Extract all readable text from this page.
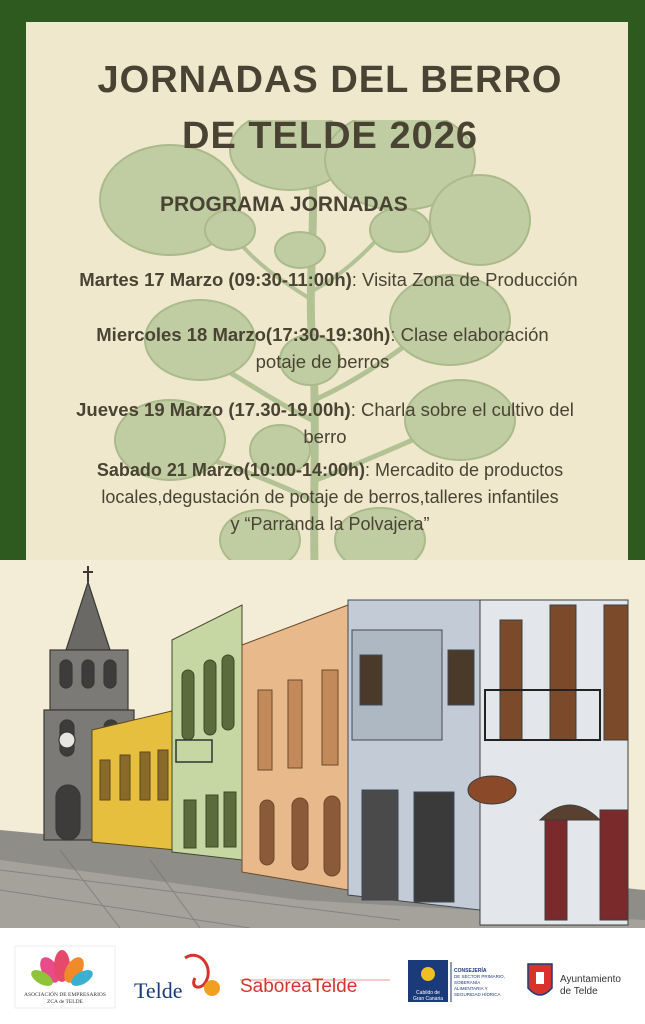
JORNADAS DEL BERRO
DE TELDE 2026
PROGRAMA JORNADAS
Martes 17 Marzo (09:30-11:00h): Visita Zona de Producción
Miercoles 18 Marzo(17:30-19:30h): Clase elaboración
potaje de berros
Jueves 19 Marzo (17.30-19.00h): Charla sobre el cultivo del
berro
Sabado 21 Marzo(10:00-14:00h): Mercadito de productos
locales,degustación de potaje de berros,talleres infantiles
y “Parranda la Polvajera”
ASOCIACIÓN DE EMPRESARIOS
ZCA de TELDE Telde	SaboreaTelde	Cabildo de
Gran Canaria
CONSEJERÍA
DE SECTOR PRIMARIO,
SOBERANÍA
ALIMENTARIA Y
SEGURIDAD HÍDRICA
Ayuntamiento
de Telde
